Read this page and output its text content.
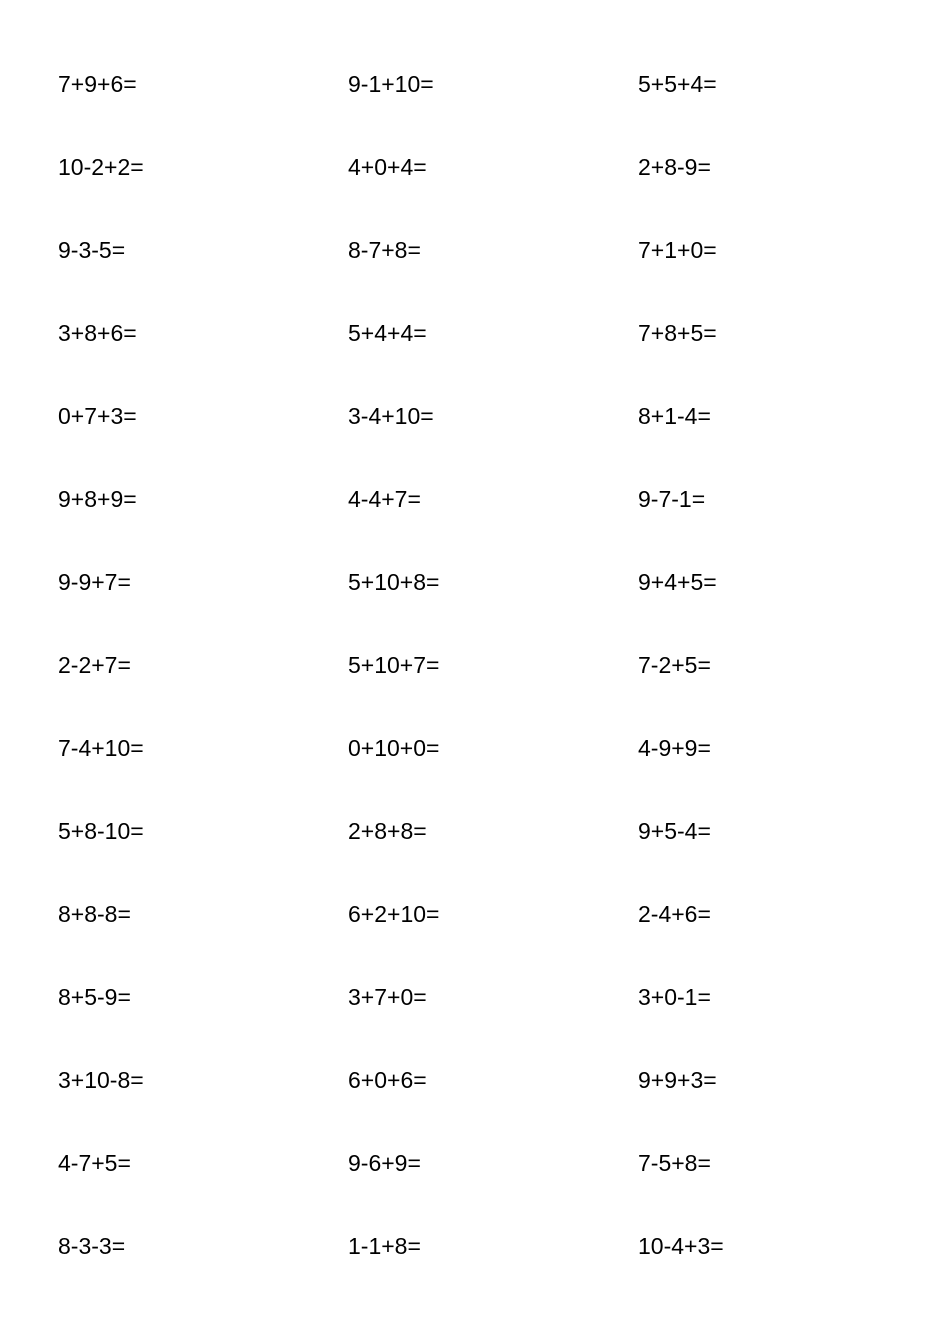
7+9+6=	9-1+10=	5+5+4=
10-2+2=	4+0+4=	2+8-9=
9-3-5=	8-7+8=	7+1+0=
3+8+6=	5+4+4=	7+8+5=
0+7+3=	3-4+10=	8+1-4=
9+8+9=	4-4+7=	9-7-1=
9-9+7=	5+10+8=	9+4+5=
2-2+7=	5+10+7=	7-2+5=
7-4+10=	0+10+0=	4-9+9=
5+8-10=	2+8+8=	9+5-4=
8+8-8=	6+2+10=	2-4+6=
8+5-9=	3+7+0=	3+0-1=
3+10-8=	6+0+6=	9+9+3=
4-7+5=	9-6+9=	7-5+8=
8-3-3=	1-1+8=	10-4+3=
